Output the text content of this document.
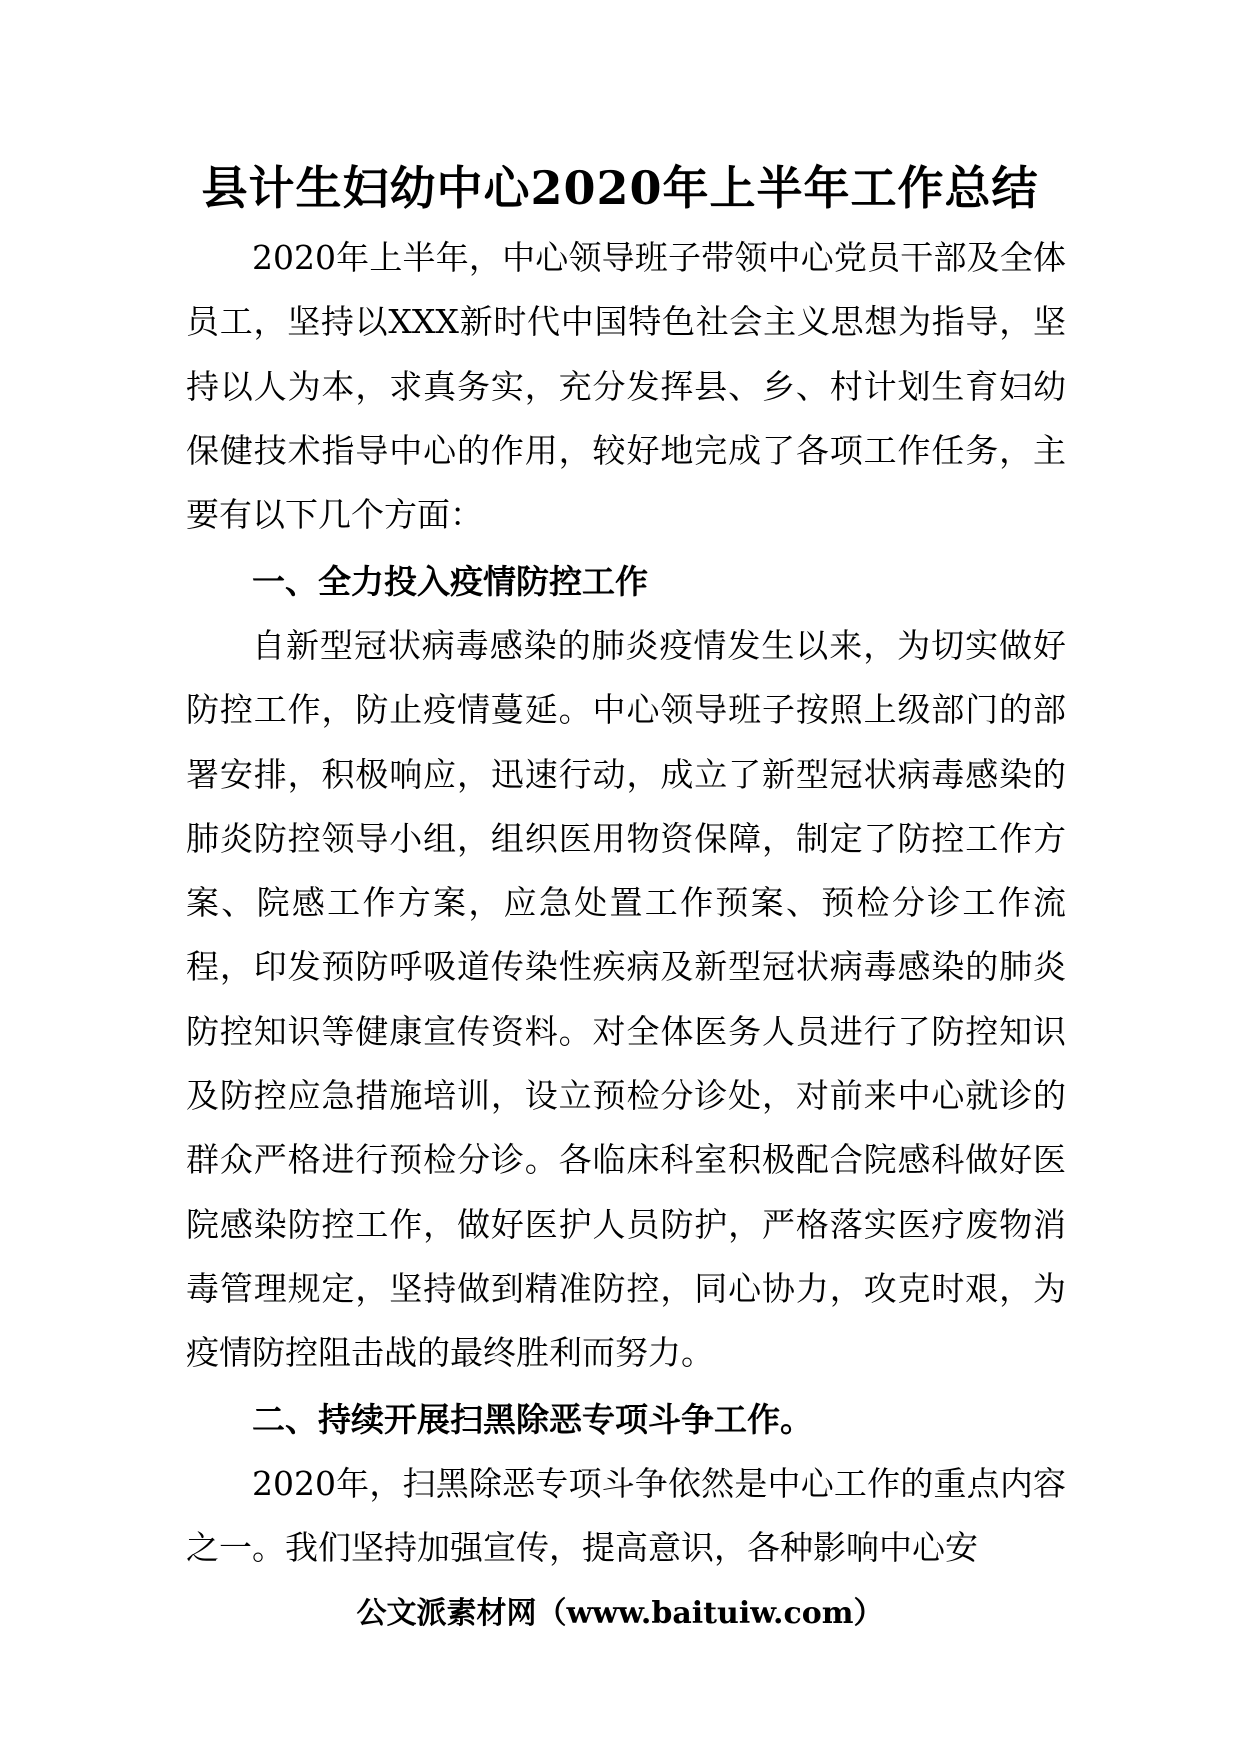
县计生妇幼中心2020年上半年工作总结
2020年上半年，中心领导班子带领中心党员干部及全体员工，坚持以XXX新时代中国特色社会主义思想为指导，坚持以人为本，求真务实，充分发挥县、乡、村计划生育妇幼保健技术指导中心的作用，较好地完成了各项工作任务，主要有以下几个方面：
一、全力投入疫情防控工作
自新型冠状病毒感染的肺炎疫情发生以来，为切实做好防控工作，防止疫情蔓延。中心领导班子按照上级部门的部署安排，积极响应，迅速行动，成立了新型冠状病毒感染的肺炎防控领导小组，组织医用物资保障，制定了防控工作方案、院感工作方案，应急处置工作预案、预检分诊工作流程，印发预防呼吸道传染性疾病及新型冠状病毒感染的肺炎防控知识等健康宣传资料。对全体医务人员进行了防控知识及防控应急措施培训，设立预检分诊处，对前来中心就诊的群众严格进行预检分诊。各临床科室积极配合院感科做好医院感染防控工作，做好医护人员防护，严格落实医疗废物消毒管理规定，坚持做到精准防控，同心协力，攻克时艰，为疫情防控阻击战的最终胜利而努力。
二、持续开展扫黑除恶专项斗争工作。
2020年，扫黑除恶专项斗争依然是中心工作的重点内容之一。我们坚持加强宣传，提高意识，各种影响中心安
公文派素材网（www.baituiw.com）
